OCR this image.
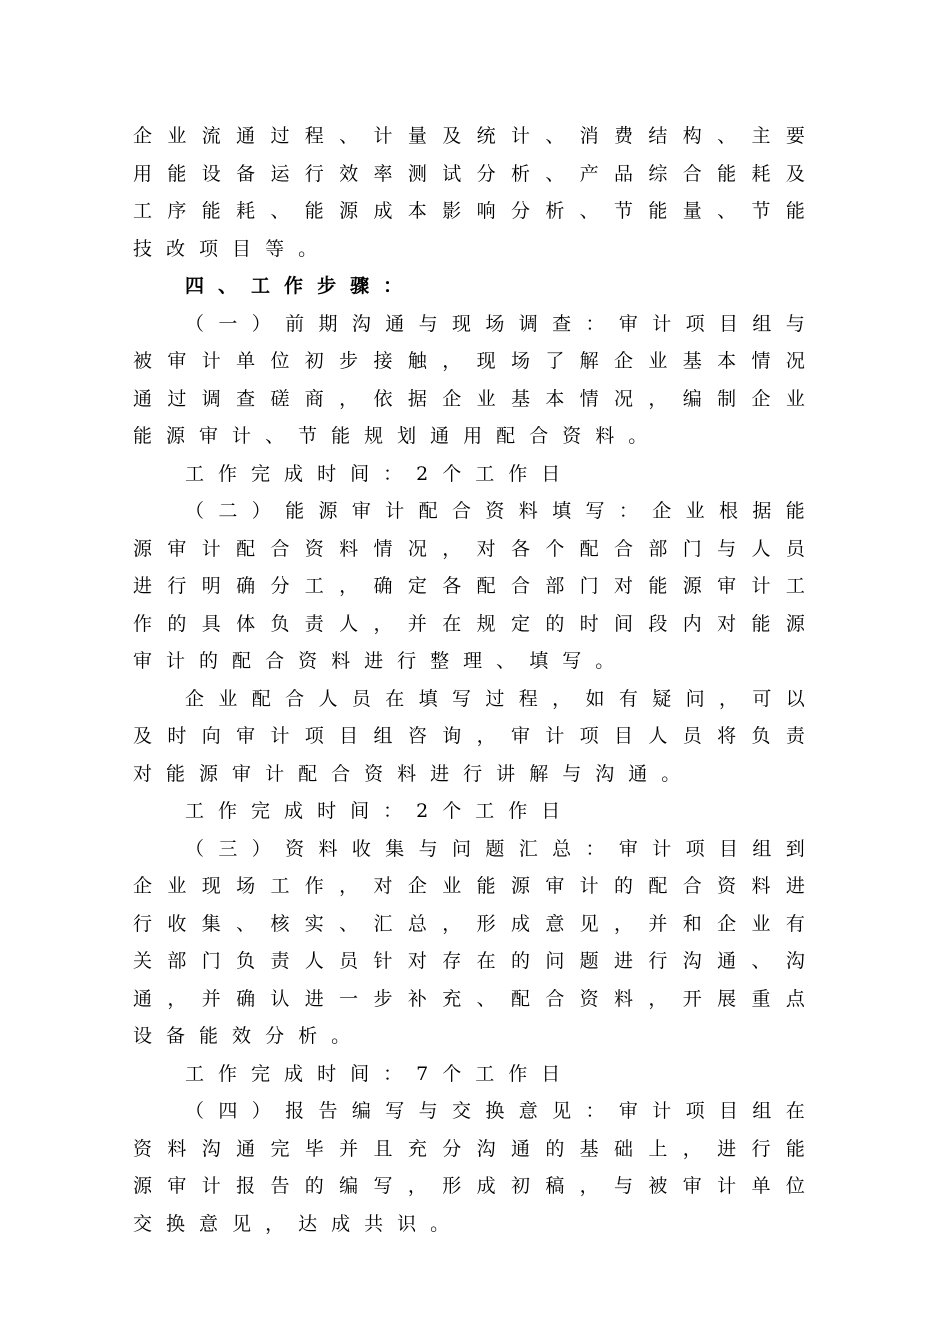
企 业 流 通 过 程 、 计 量 及 统 计 、 消 费 结 构 、 主 要
用 能 设 备 运 行 效 率 测 试 分 析 、 产 品 综 合 能 耗 及
工 序 能 耗 、 能 源 成 本 影 响 分 析 、 节 能 量 、 节 能
技 改 项 目 等 。
四 、 工 作 步 骤 ：
（ 一 ） 前 期 沟 通 与 现 场 调 查 ： 审 计 项 目 组 与
被 审 计 单 位 初 步 接 触 ， 现 场 了 解 企 业 基 本 情 况
通 过 调 查 磋 商 ， 依 据 企 业 基 本 情 况 ， 编 制 企 业
能 源 审 计 、 节 能 规 划 通 用 配 合 资 料 。
工 作 完 成 时 间 ： 2 个 工 作 日
（ 二 ） 能 源 审 计 配 合 资 料 填 写 ： 企 业 根 据 能
源 审 计 配 合 资 料 情 况 ， 对 各 个 配 合 部 门 与 人 员
进 行 明 确 分 工 ， 确 定 各 配 合 部 门 对 能 源 审 计 工
作 的 具 体 负 责 人 ， 并 在 规 定 的 时 间 段 内 对 能 源
审 计 的 配 合 资 料 进 行 整 理 、 填 写 。
企 业 配 合 人 员 在 填 写 过 程 ， 如 有 疑 问 ， 可 以
及 时 向 审 计 项 目 组 咨 询 ， 审 计 项 目 人 员 将 负 责
对 能 源 审 计 配 合 资 料 进 行 讲 解 与 沟 通 。
工 作 完 成 时 间 ： 2 个 工 作 日
（ 三 ） 资 料 收 集 与 问 题 汇 总 ： 审 计 项 目 组 到
企 业 现 场 工 作 ， 对 企 业 能 源 审 计 的 配 合 资 料 进
行 收 集 、 核 实 、 汇 总 ， 形 成 意 见 ， 并 和 企 业 有
关 部 门 负 责 人 员 针 对 存 在 的 问 题 进 行 沟 通 、 沟
通 ， 并 确 认 进 一 步 补 充 、 配 合 资 料 ， 开 展 重 点
设 备 能 效 分 析 。
工 作 完 成 时 间 ： 7 个 工 作 日
（ 四 ） 报 告 编 写 与 交 换 意 见 ： 审 计 项 目 组 在
资 料 沟 通 完 毕 并 且 充 分 沟 通 的 基 础 上 ， 进 行 能
源 审 计 报 告 的 编 写 ， 形 成 初 稿 ， 与 被 审 计 单 位
交 换 意 见 ， 达 成 共 识 。
